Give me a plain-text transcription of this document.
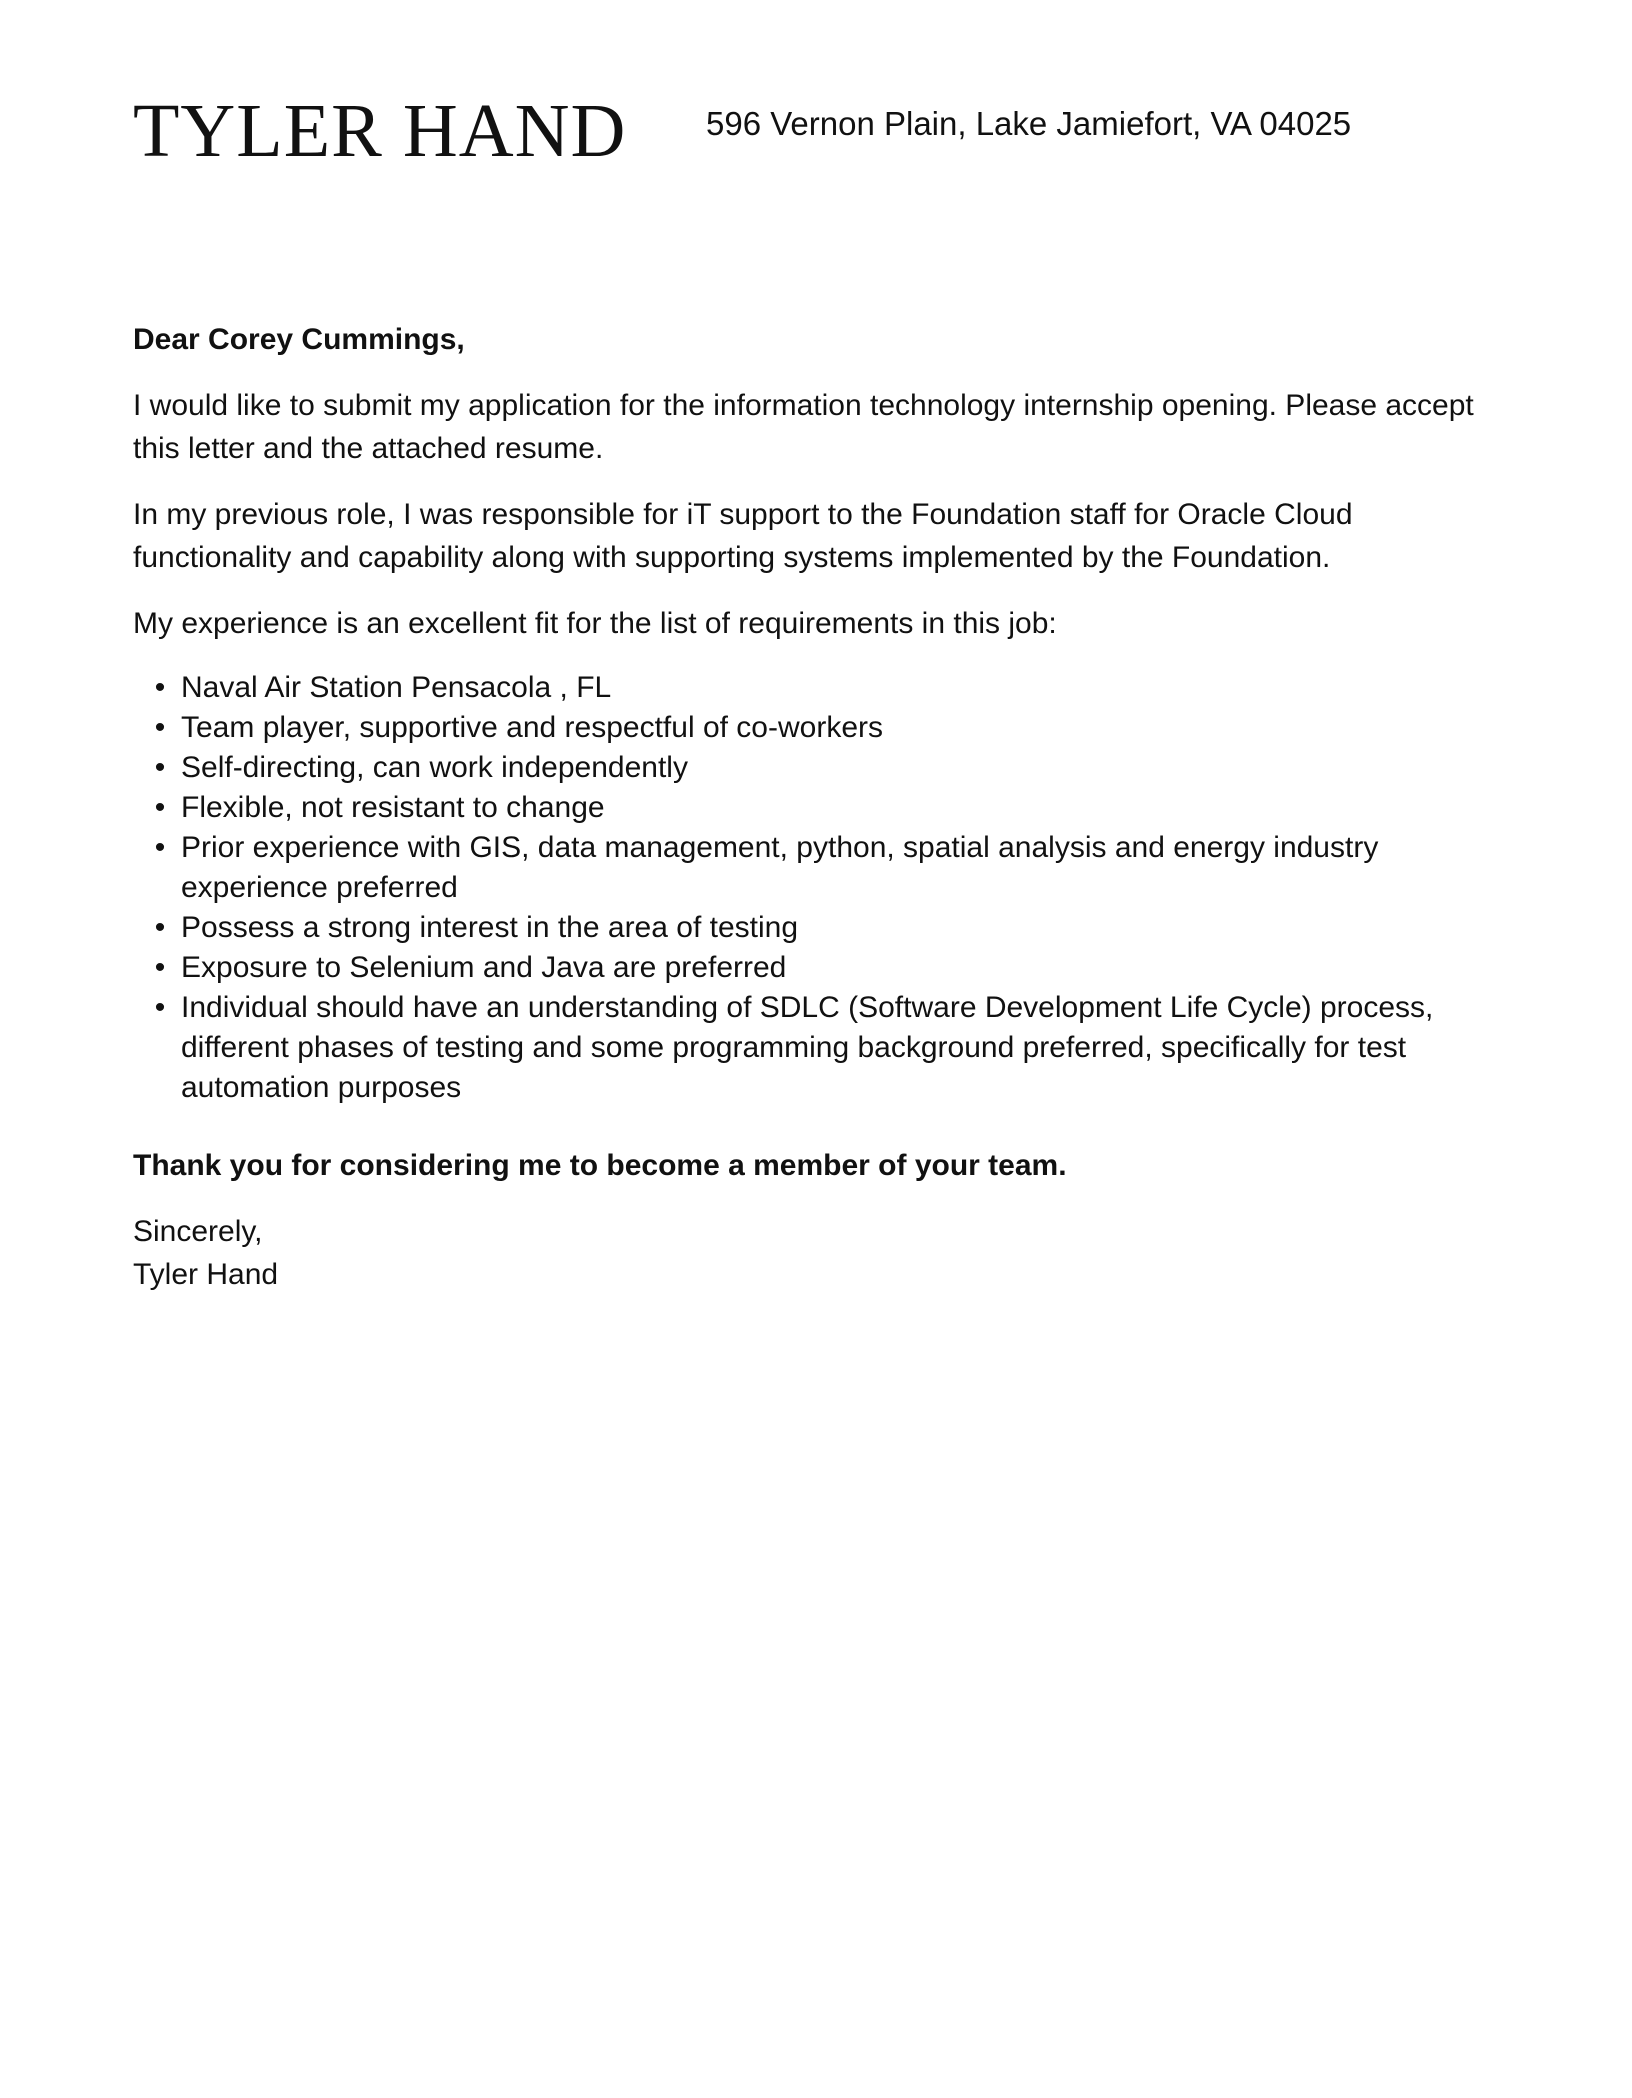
TYLER HAND 596 Vernon Plain, Lake Jamiefort, VA 04025

Dear Corey Cummings,

I would like to submit my application for the information technology internship opening. Please accept this letter and the attached resume.

In my previous role, I was responsible for iT support to the Foundation staff for Oracle Cloud functionality and capability along with supporting systems implemented by the Foundation.

My experience is an excellent fit for the list of requirements in this job:

• Naval Air Station Pensacola , FL
• Team player, supportive and respectful of co-workers
• Self-directing, can work independently
• Flexible, not resistant to change
• Prior experience with GIS, data management, python, spatial analysis and energy industry experience preferred
• Possess a strong interest in the area of testing
• Exposure to Selenium and Java are preferred
• Individual should have an understanding of SDLC (Software Development Life Cycle) process, different phases of testing and some programming background preferred, specifically for test automation purposes

Thank you for considering me to become a member of your team.

Sincerely,

Tyler Hand
